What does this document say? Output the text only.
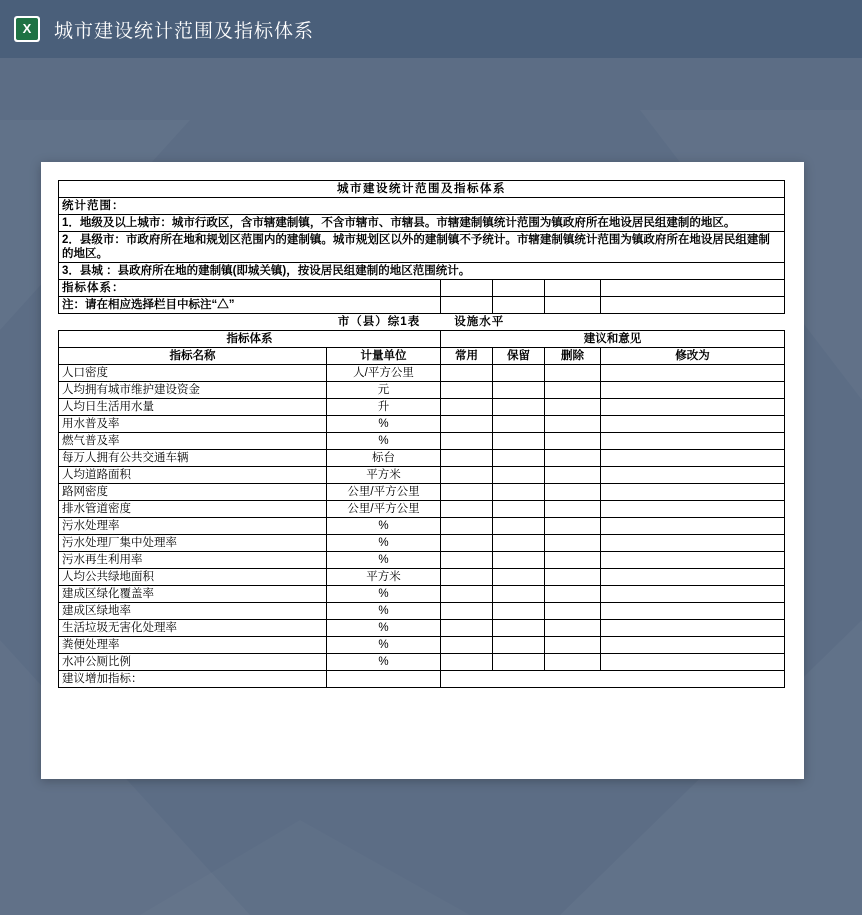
X	城市建设统计范围及指标体系
城市建设统计范围及指标体系				
统计范围：				
1．地级及以上城市：城市行政区，含市辖建制镇，不含市辖市、市辖县。市辖建制镇统计范围为镇政府所在地设居民组建制的地区。				
2．县级市：市政府所在地和规划区范围内的建制镇。城市规划区以外的建制镇不予统计。市辖建制镇统计范围为镇政府所在地设居民组建制的地区。				
3．县城 ：县政府所在地的建制镇(即城关镇)，按设居民组建制的地区范围统计。				
指标体系：				
注：请在相应选择栏目中标注“△”				
市（县）综1表	设施水平
指标体系		建议和意见			
指标名称	计量单位	常用	保留	删除	修改为
人口密度	人/平方公里				
人均拥有城市维护建设资金	元				
人均日生活用水量	升				
用水普及率	%				
燃气普及率	%				
每万人拥有公共交通车辆	标台				
人均道路面积	平方米				
路网密度	公里/平方公里				
排水管道密度	公里/平方公里				
污水处理率	%				
污水处理厂集中处理率	%				
污水再生利用率	%				
人均公共绿地面积	平方米				
建成区绿化覆盖率	%				
建成区绿地率	%				
生活垃圾无害化处理率	%				
粪便处理率	%				
水冲公厕比例	%				
建议增加指标：					
